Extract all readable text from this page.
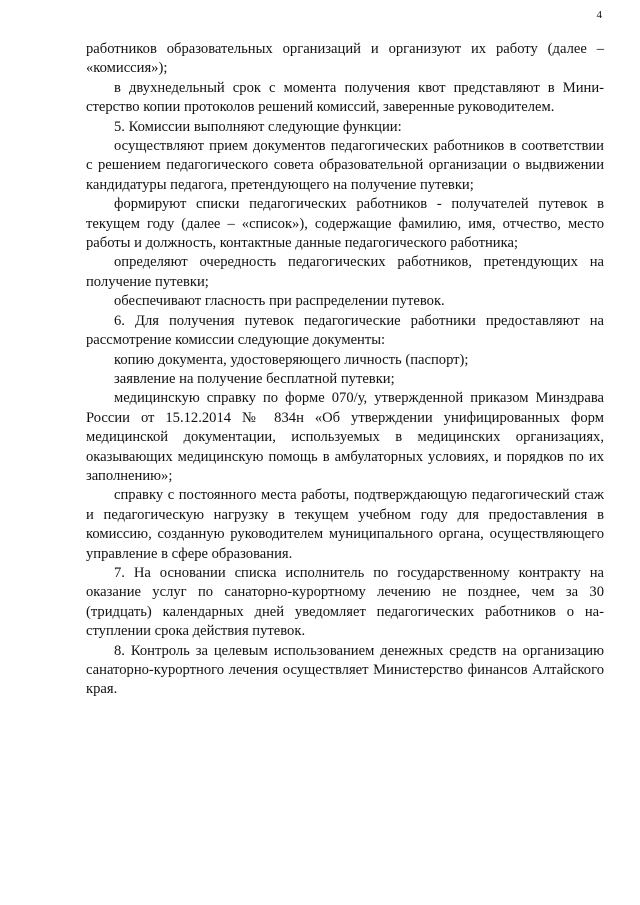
4

работников образовательных организаций и организуют их работу (далее – «комиссия»);

в двухнедельный срок с момента получения квот представляют в Министерство копии протоколов решений комиссий, заверенные руководителем.

5. Комиссии выполняют следующие функции:

осуществляют прием документов педагогических работников в соответствии с решением педагогического совета образовательной организации о выдвижении кандидатуры педагога, претендующего на получение путевки;

формируют списки педагогических работников - получателей путевок в текущем году (далее – «список»), содержащие фамилию, имя, отчество, место работы и должность, контактные данные педагогического работника;

определяют очередность педагогических работников, претендующих на получение путевки;

обеспечивают гласность при распределении путевок.

6. Для получения путевок педагогические работники предоставляют на рассмотрение комиссии следующие документы:

копию документа, удостоверяющего личность (паспорт);

заявление на получение бесплатной путевки;

медицинскую справку по форме 070/у, утвержденной приказом Минздрава России от 15.12.2014 № 834н «Об утверждении унифицированных форм медицинской документации, используемых в медицинских организациях, оказывающих медицинскую помощь в амбулаторных условиях, и порядков по их заполнению»;

справку с постоянного места работы, подтверждающую педагогический стаж и педагогическую нагрузку в текущем учебном году для предоставления в комиссию, созданную руководителем муниципального органа, осуществляющего управление в сфере образования.

7. На основании списка исполнитель по государственному контракту на оказание услуг по санаторно-курортному лечению не позднее, чем за 30 (тридцать) календарных дней уведомляет педагогических работников о наступлении срока действия путевок.

8. Контроль за целевым использованием денежных средств на организацию санаторно-курортного лечения осуществляет Министерство финансов Алтайского края.
